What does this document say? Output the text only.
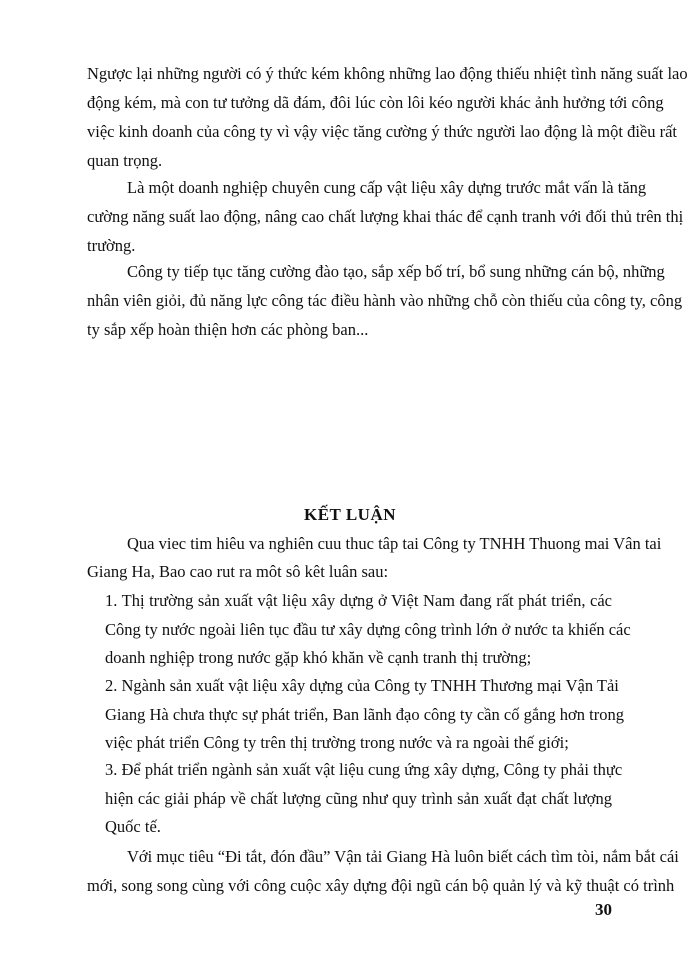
Ngược lại những người có ý thức kém không những lao động thiếu nhiệt tình năng suất lao
động kém, mà con tư tưởng dã đám, đôi lúc còn lôi kéo người khác ảnh hưởng tới công
việc kinh doanh của công ty vì vậy việc tăng cường ý thức người lao động là một điều rất
quan trọng.
Là một doanh nghiệp chuyên cung cấp vật liệu xây dựng trước mắt vấn là tăng
cường năng suất lao động, nâng cao chất lượng khai thác để cạnh tranh với đối thủ trên thị
trường.
Công ty tiếp tục tăng cường đào tạo, sắp xếp bố trí, bổ sung những cán bộ, những
nhân viên giỏi, đủ năng lực công tác điều hành vào những chỗ còn thiếu của công ty, công
ty sắp xếp hoàn thiện hơn các phòng ban...
KẾT LUẬN
Qua viec tim hiêu va nghiên cuu thuc tâp tai Công ty TNHH Thuong mai Vân tai
Giang Ha, Bao cao rut ra môt sô kêt luân sau:
1. Thị trường sản xuất vật liệu xây dựng ở Việt Nam đang rất phát triển, các
Công ty nước ngoài liên tục đầu tư xây dựng công trình lớn ở nước ta khiến các
doanh nghiệp trong nước gặp khó khăn về cạnh tranh thị trường;
2. Ngành sản xuất vật liệu xây dựng của Công ty TNHH Thương mại Vận Tải
Giang Hà chưa thực sự phát triển, Ban lãnh đạo công ty cần cố gắng hơn trong
việc phát triển Công ty trên thị trường trong nước và ra ngoài thế giới;
3. Để phát triển ngành sản xuất vật liệu cung ứng xây dựng, Công ty phải thực
hiện các giải pháp về chất lượng cũng như quy trình sản xuất đạt chất lượng
Quốc tế.
Với mục tiêu “Đi tắt, đón đầu” Vận tải Giang Hà luôn biết cách tìm tòi, nắm bắt cái
mới, song song cùng với công cuộc xây dựng đội ngũ cán bộ quản lý và kỹ thuật có trình
30
